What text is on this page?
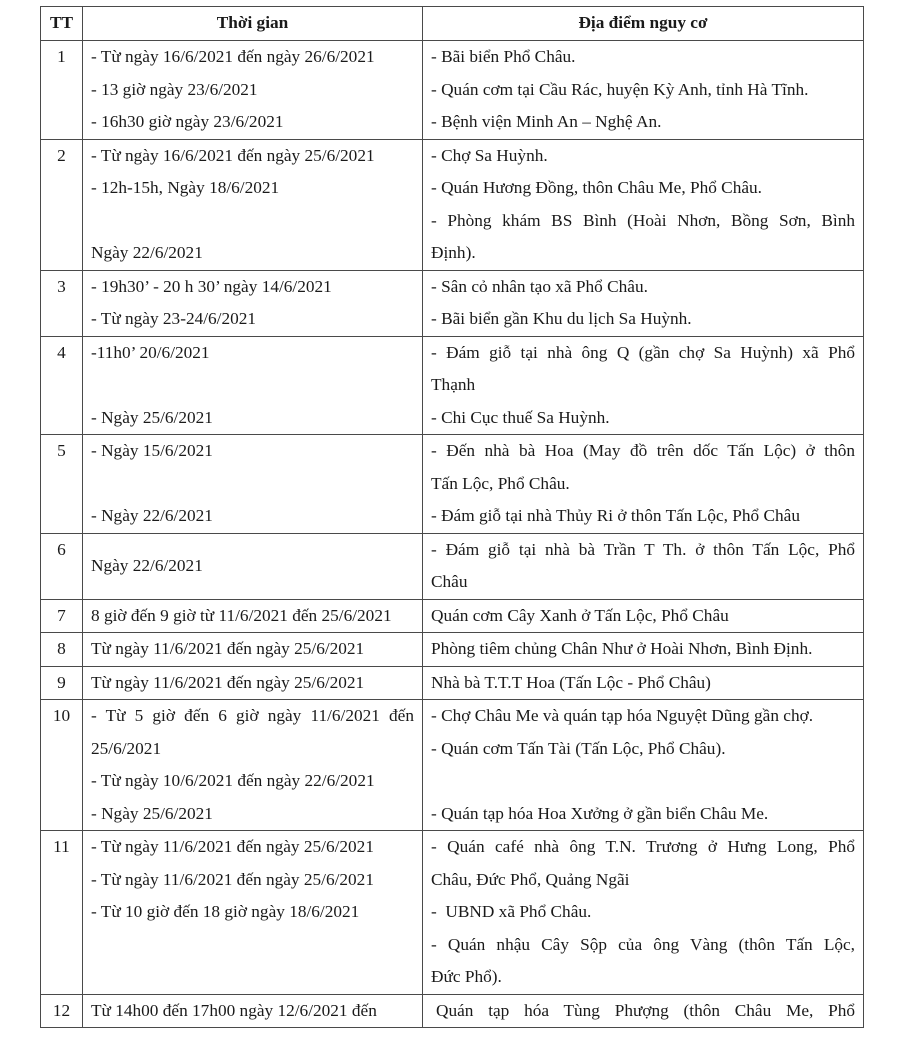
TT	Thời gian	Địa điểm nguy cơ
1	- Từ ngày 16/6/2021 đến ngày 26/6/2021
- 13 giờ ngày 23/6/2021
- 16h30 giờ ngày 23/6/2021	- Bãi biển Phổ Châu.
- Quán cơm tại Cầu Rác, huyện Kỳ Anh, tỉnh Hà Tĩnh.
- Bệnh viện Minh An – Nghệ An.

2	- Từ ngày 16/6/2021 đến ngày 25/6/2021
- 12h-15h, Ngày 18/6/2021
Ngày 22/6/2021	- Chợ Sa Huỳnh.
- Quán Hương Đồng, thôn Châu Me, Phổ Châu.
- Phòng khám BS Bình (Hoài Nhơn, Bồng Sơn, Bình
Định).

3	- 19h30’ - 20 h 30’ ngày 14/6/2021
- Từ ngày 23-24/6/2021	- Sân cỏ nhân tạo xã Phổ Châu.
- Bãi biển gần Khu du lịch Sa Huỳnh.

4	-11h0’ 20/6/2021
- Ngày 25/6/2021	- Đám giỗ tại nhà ông Q (gần chợ Sa Huỳnh) xã Phổ
Thạnh
- Chi Cục thuế Sa Huỳnh.

5	- Ngày 15/6/2021
- Ngày 22/6/2021	- Đến nhà bà Hoa (May đồ trên dốc Tấn Lộc) ở thôn
Tấn Lộc, Phổ Châu.
- Đám giỗ tại nhà Thủy Ri ở thôn Tấn Lộc, Phổ Châu

6	Ngày 22/6/2021	- Đám giỗ tại nhà bà Trần T Th. ở thôn Tấn Lộc, Phổ
Châu

7	8 giờ đến 9 giờ từ 11/6/2021 đến 25/6/2021	Quán cơm Cây Xanh ở Tấn Lộc, Phổ Châu

8	Từ ngày 11/6/2021 đến ngày 25/6/2021	Phòng tiêm chủng Chân Như ở Hoài Nhơn, Bình Định.

9	Từ ngày 11/6/2021 đến ngày 25/6/2021	Nhà bà T.T.T Hoa (Tấn Lộc - Phổ Châu)

10	- Từ 5 giờ đến 6 giờ ngày 11/6/2021 đến
25/6/2021
- Từ ngày 10/6/2021 đến ngày 22/6/2021
- Ngày 25/6/2021	- Chợ Châu Me và quán tạp hóa Nguyệt Dũng gần chợ.
- Quán cơm Tấn Tài (Tấn Lộc, Phổ Châu).
- Quán tạp hóa Hoa Xưởng ở gần biển Châu Me.

11	- Từ ngày 11/6/2021 đến ngày 25/6/2021
- Từ ngày 11/6/2021 đến ngày 25/6/2021
- Từ 10 giờ đến 18 giờ ngày 18/6/2021	- Quán café nhà ông T.N. Trương ở Hưng Long, Phổ
Châu, Đức Phổ, Quảng Ngãi
-  UBND xã Phổ Châu.
- Quán nhậu Cây Sộp của ông Vàng (thôn Tấn Lộc,
Đức Phổ).

12	Từ 14h00 đến 17h00 ngày 12/6/2021 đến	Quán tạp hóa Tùng Phượng (thôn Châu Me, Phổ
